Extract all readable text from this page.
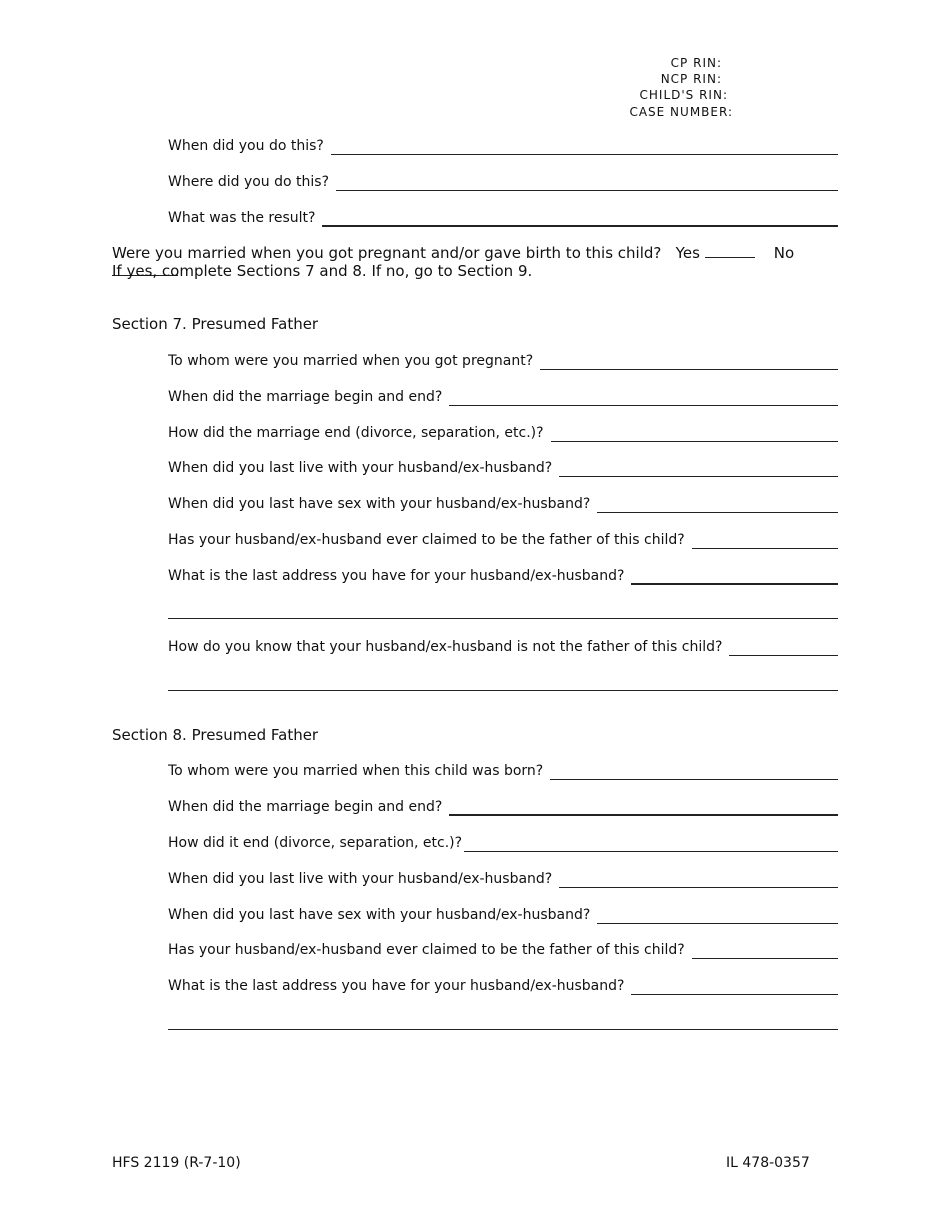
CP RIN:
NCP RIN:
CHILD'S RIN:
CASE NUMBER:
When did you do this?
Where did you do this?
What was the result?
Were you married when you got pregnant and/or gave birth to this child? Yes	No
If yes, complete Sections 7 and 8. If no, go to Section 9.
Section 7. Presumed Father
To whom were you married when you got pregnant?
When did the marriage begin and end?
How did the marriage end (divorce, separation, etc.)?
When did you last live with your husband/ex-husband?
When did you last have sex with your husband/ex-husband?
Has your husband/ex-husband ever claimed to be the father of this child?
What is the last address you have for your husband/ex-husband?
How do you know that your husband/ex-husband is not the father of this child?
Section 8. Presumed Father
To whom were you married when this child was born?
When did the marriage begin and end?
How did it end (divorce, separation, etc.)?
When did you last live with your husband/ex-husband?
When did you last have sex with your husband/ex-husband?
Has your husband/ex-husband ever claimed to be the father of this child?
What is the last address you have for your husband/ex-husband?
HFS 2119 (R-7-10)	IL 478-0357
